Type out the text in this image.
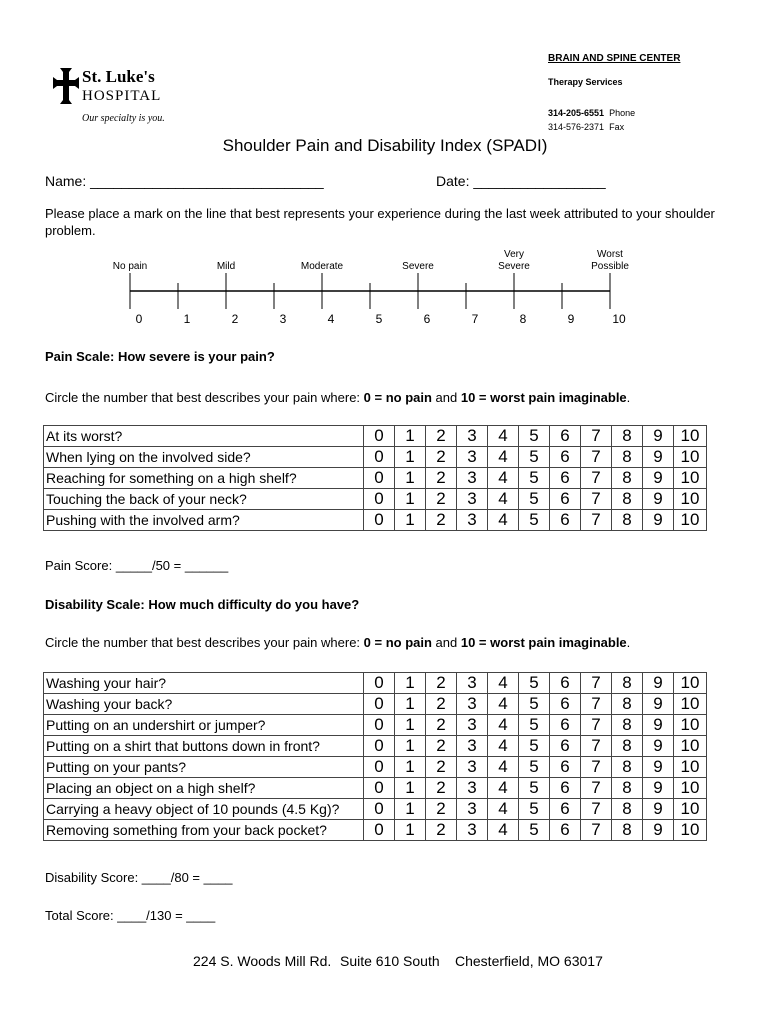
St. Luke's
HOSPITAL
Our specialty is you.
BRAIN AND SPINE CENTER
Therapy Services
314-205-6551 Phone
314-576-2371 Fax
Shoulder Pain and Disability Index (SPADI)
Name: ______________________________	Date: _________________
Please place a mark on the line that best represents your experience during the last week attributed to your shoulder problem.
0	1	2	3	4	5	6	7	8	9	10
No pain	Mild	Moderate	Severe
Very
Severe
Worst
Possible
Pain Scale: How severe is your pain?
Circle the number that best describes your pain where: 0 = no pain and 10 = worst pain imaginable.
At its worst?	0	1	2	3	4	5	6	7	8	9	10
When lying on the involved side?	0	1	2	3	4	5	6	7	8	9	10
Reaching for something on a high shelf?	0	1	2	3	4	5	6	7	8	9	10
Touching the back of your neck?	0	1	2	3	4	5	6	7	8	9	10
Pushing with the involved arm?	0	1	2	3	4	5	6	7	8	9	10
Pain Score: _____/50 = ______
Disability Scale: How much difficulty do you have?
Circle the number that best describes your pain where: 0 = no pain and 10 = worst pain imaginable.
Washing your hair?	0	1	2	3	4	5	6	7	8	9	10
Washing your back?	0	1	2	3	4	5	6	7	8	9	10
Putting on an undershirt or jumper?	0	1	2	3	4	5	6	7	8	9	10
Putting on a shirt that buttons down in front?	0	1	2	3	4	5	6	7	8	9	10
Putting on your pants?	0	1	2	3	4	5	6	7	8	9	10
Placing an object on a high shelf?	0	1	2	3	4	5	6	7	8	9	10
Carrying a heavy object of 10 pounds (4.5 Kg)?	0	1	2	3	4	5	6	7	8	9	10
Removing something from your back pocket?	0	1	2	3	4	5	6	7	8	9	10
Disability Score: ____/80 = ____
Total Score: ____/130 = ____
224 S. Woods Mill Rd. Suite 610 South Chesterfield, MO 63017
